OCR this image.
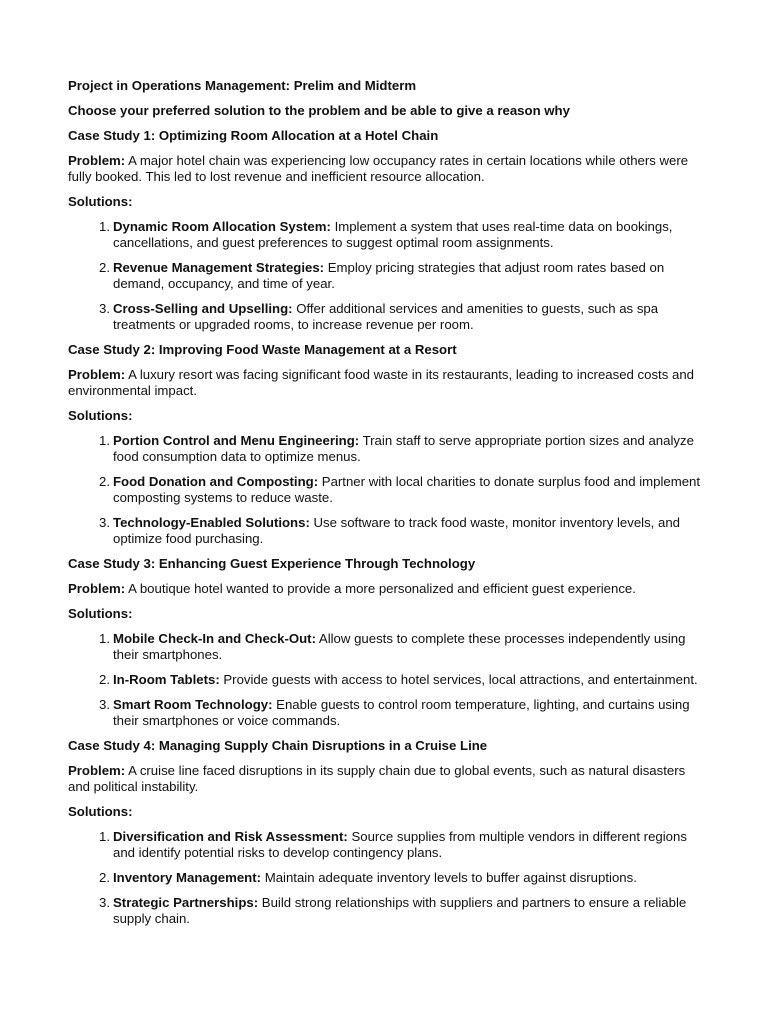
Project in Operations Management: Prelim and Midterm

Choose your preferred solution to the problem and be able to give a reason why

Case Study 1: Optimizing Room Allocation at a Hotel Chain

Problem: A major hotel chain was experiencing low occupancy rates in certain locations while others were fully booked. This led to lost revenue and inefficient resource allocation.

Solutions:

1. Dynamic Room Allocation System: Implement a system that uses real-time data on bookings, cancellations, and guest preferences to suggest optimal room assignments.
2. Revenue Management Strategies: Employ pricing strategies that adjust room rates based on demand, occupancy, and time of year.
3. Cross-Selling and Upselling: Offer additional services and amenities to guests, such as spa treatments or upgraded rooms, to increase revenue per room.

Case Study 2: Improving Food Waste Management at a Resort

Problem: A luxury resort was facing significant food waste in its restaurants, leading to increased costs and environmental impact.

Solutions:

1. Portion Control and Menu Engineering: Train staff to serve appropriate portion sizes and analyze food consumption data to optimize menus.
2. Food Donation and Composting: Partner with local charities to donate surplus food and implement composting systems to reduce waste.
3. Technology-Enabled Solutions: Use software to track food waste, monitor inventory levels, and optimize food purchasing.

Case Study 3: Enhancing Guest Experience Through Technology

Problem: A boutique hotel wanted to provide a more personalized and efficient guest experience.

Solutions:

1. Mobile Check-In and Check-Out: Allow guests to complete these processes independently using their smartphones.
2. In-Room Tablets: Provide guests with access to hotel services, local attractions, and entertainment.
3. Smart Room Technology: Enable guests to control room temperature, lighting, and curtains using their smartphones or voice commands.

Case Study 4: Managing Supply Chain Disruptions in a Cruise Line

Problem: A cruise line faced disruptions in its supply chain due to global events, such as natural disasters and political instability.

Solutions:

1. Diversification and Risk Assessment: Source supplies from multiple vendors in different regions and identify potential risks to develop contingency plans.
2. Inventory Management: Maintain adequate inventory levels to buffer against disruptions.
3. Strategic Partnerships: Build strong relationships with suppliers and partners to ensure a reliable supply chain.
